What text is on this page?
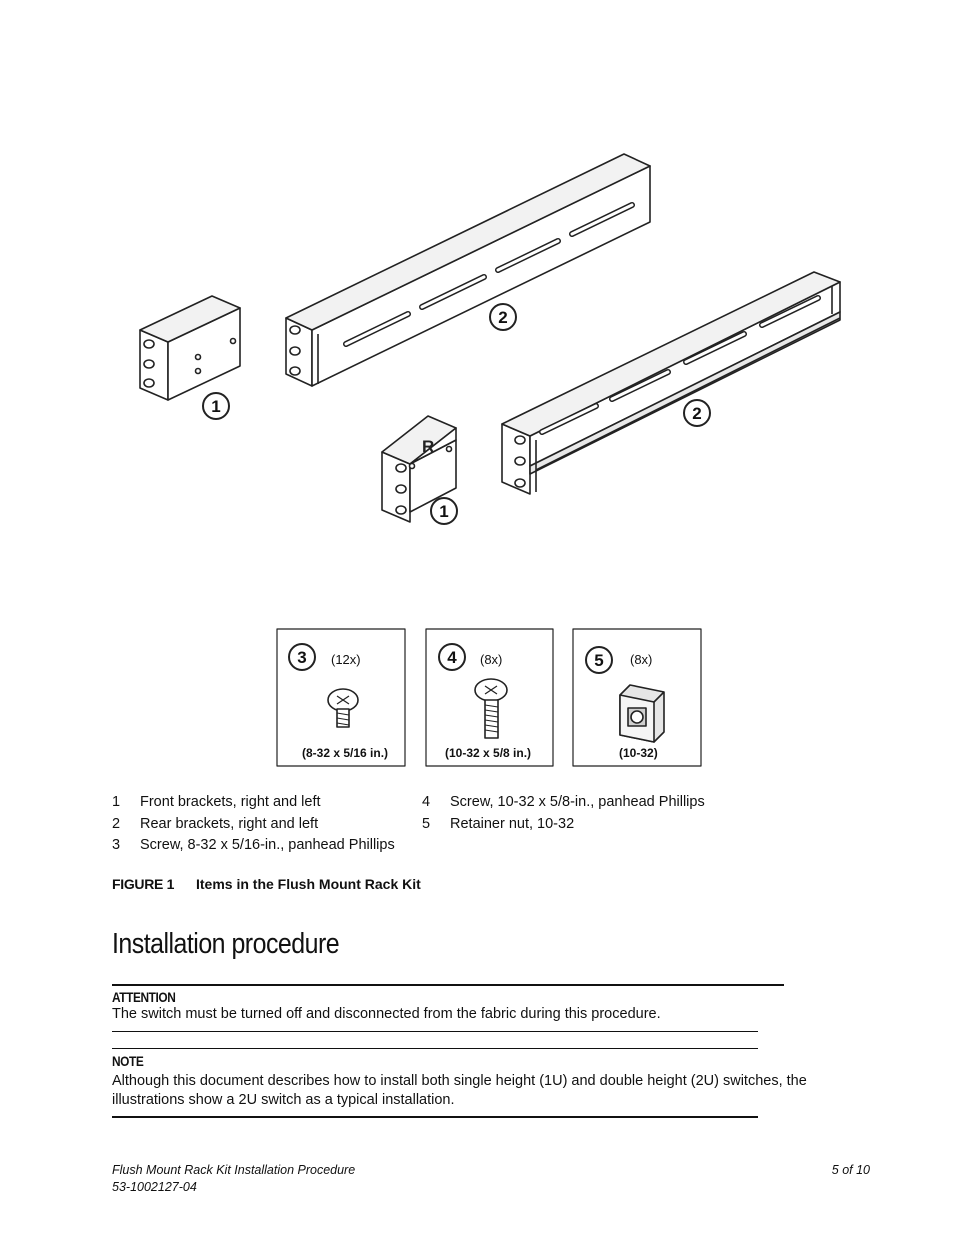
1
2
R
1
2
3 (12x)
(8-32 x 5/16 in.)
4 (8x)
(10-32 x 5/8 in.)
5 (8x)
(10-32)
1 Front brackets, right and left
2 Rear brackets, right and left
3 Screw, 8-32 x 5/16-in., panhead Phillips
4 Screw, 10-32 x 5/8-in., panhead Phillips
5 Retainer nut, 10-32
FIGURE 1 Items in the Flush Mount Rack Kit
Installation procedure
ATTENTION
The switch must be turned off and disconnected from the fabric during this procedure.
NOTE
Although this document describes how to install both single height (1U) and double height (2U) switches, the illustrations show a 2U switch as a typical installation.
Flush Mount Rack Kit Installation Procedure
53-1002127-04
5 of 10
